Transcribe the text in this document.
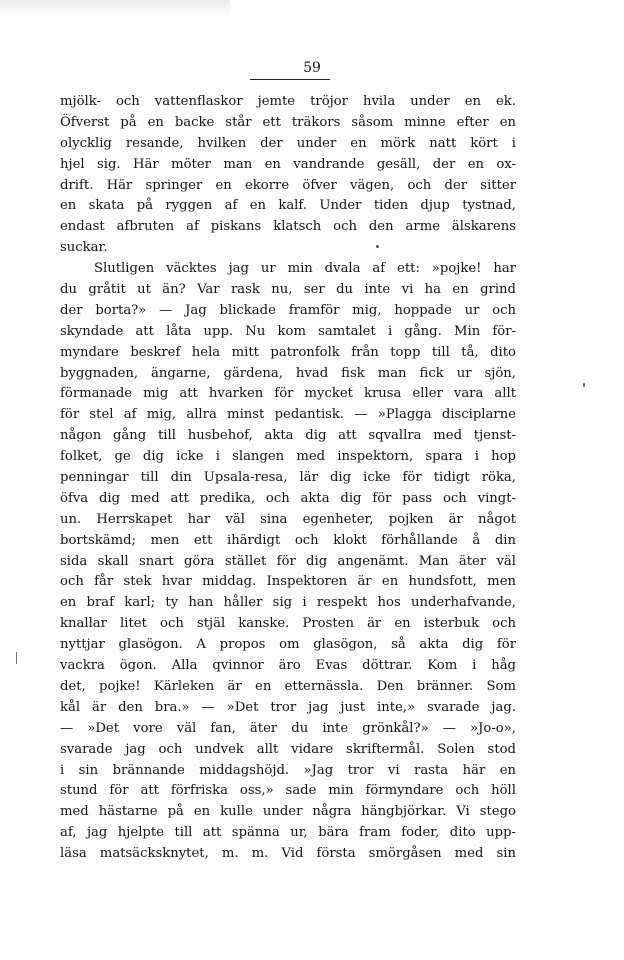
59
mjölk- och vattenflaskor jemte tröjor hvila under en ek.
Öfverst på en backe står ett träkors såsom minne efter en
olycklig resande, hvilken der under en mörk natt kört i
hjel sig. Här möter man en vandrande gesäll, der en ox-
drift. Här springer en ekorre öfver vägen, och der sitter
en skata på ryggen af en kalf. Under tiden djup tystnad,
endast afbruten af piskans klatsch och den arme älskarens
suckar.
Slutligen väcktes jag ur min dvala af ett: »pojke! har
du gråtit ut än? Var rask nu, ser du inte vi ha en grind
der borta?» — Jag blickade framför mig, hoppade ur och
skyndade att låta upp. Nu kom samtalet i gång. Min för-
myndare beskref hela mitt patronfolk från topp till tå, dito
byggnaden, ängarne, gärdena, hvad fisk man fick ur sjön,
förmanade mig att hvarken för mycket krusa eller vara allt
för stel af mig, allra minst pedantisk. — »Plagga disciplarne
någon gång till husbehof, akta dig att sqvallra med tjenst-
folket, ge dig icke i slangen med inspektorn, spara i hop
penningar till din Upsala-resa, lär dig icke för tidigt röka,
öfva dig med att predika, och akta dig för pass och vingt-
un. Herrskapet har väl sina egenheter, pojken är något
bortskämd; men ett ihärdigt och klokt förhållande å din
sida skall snart göra stället för dig angenämt. Man äter väl
och får stek hvar middag. Inspektoren är en hundsfott, men
en braf karl; ty han håller sig i respekt hos underhafvande,
knallar litet och stjäl kanske. Prosten är en isterbuk och
nyttjar glasögon. A propos om glasögon, så akta dig för
vackra ögon. Alla qvinnor äro Evas döttrar. Kom i håg
det, pojke! Kärleken är en etternässla. Den bränner. Som
kål är den bra.» — »Det tror jag just inte,» svarade jag.
— »Det vore väl fan, äter du inte grönkål?» — »Jo-o»,
svarade jag och undvek allt vidare skriftermål. Solen stod
i sin brännande middagshöjd. »Jag tror vi rasta här en
stund för att förfriska oss,» sade min förmyndare och höll
med hästarne på en kulle under några hängbjörkar. Vi stego
af, jag hjelpte till att spänna ur, bära fram foder, dito upp-
läsa matsäcksknytet, m. m. Vid första smörgåsen med sin
